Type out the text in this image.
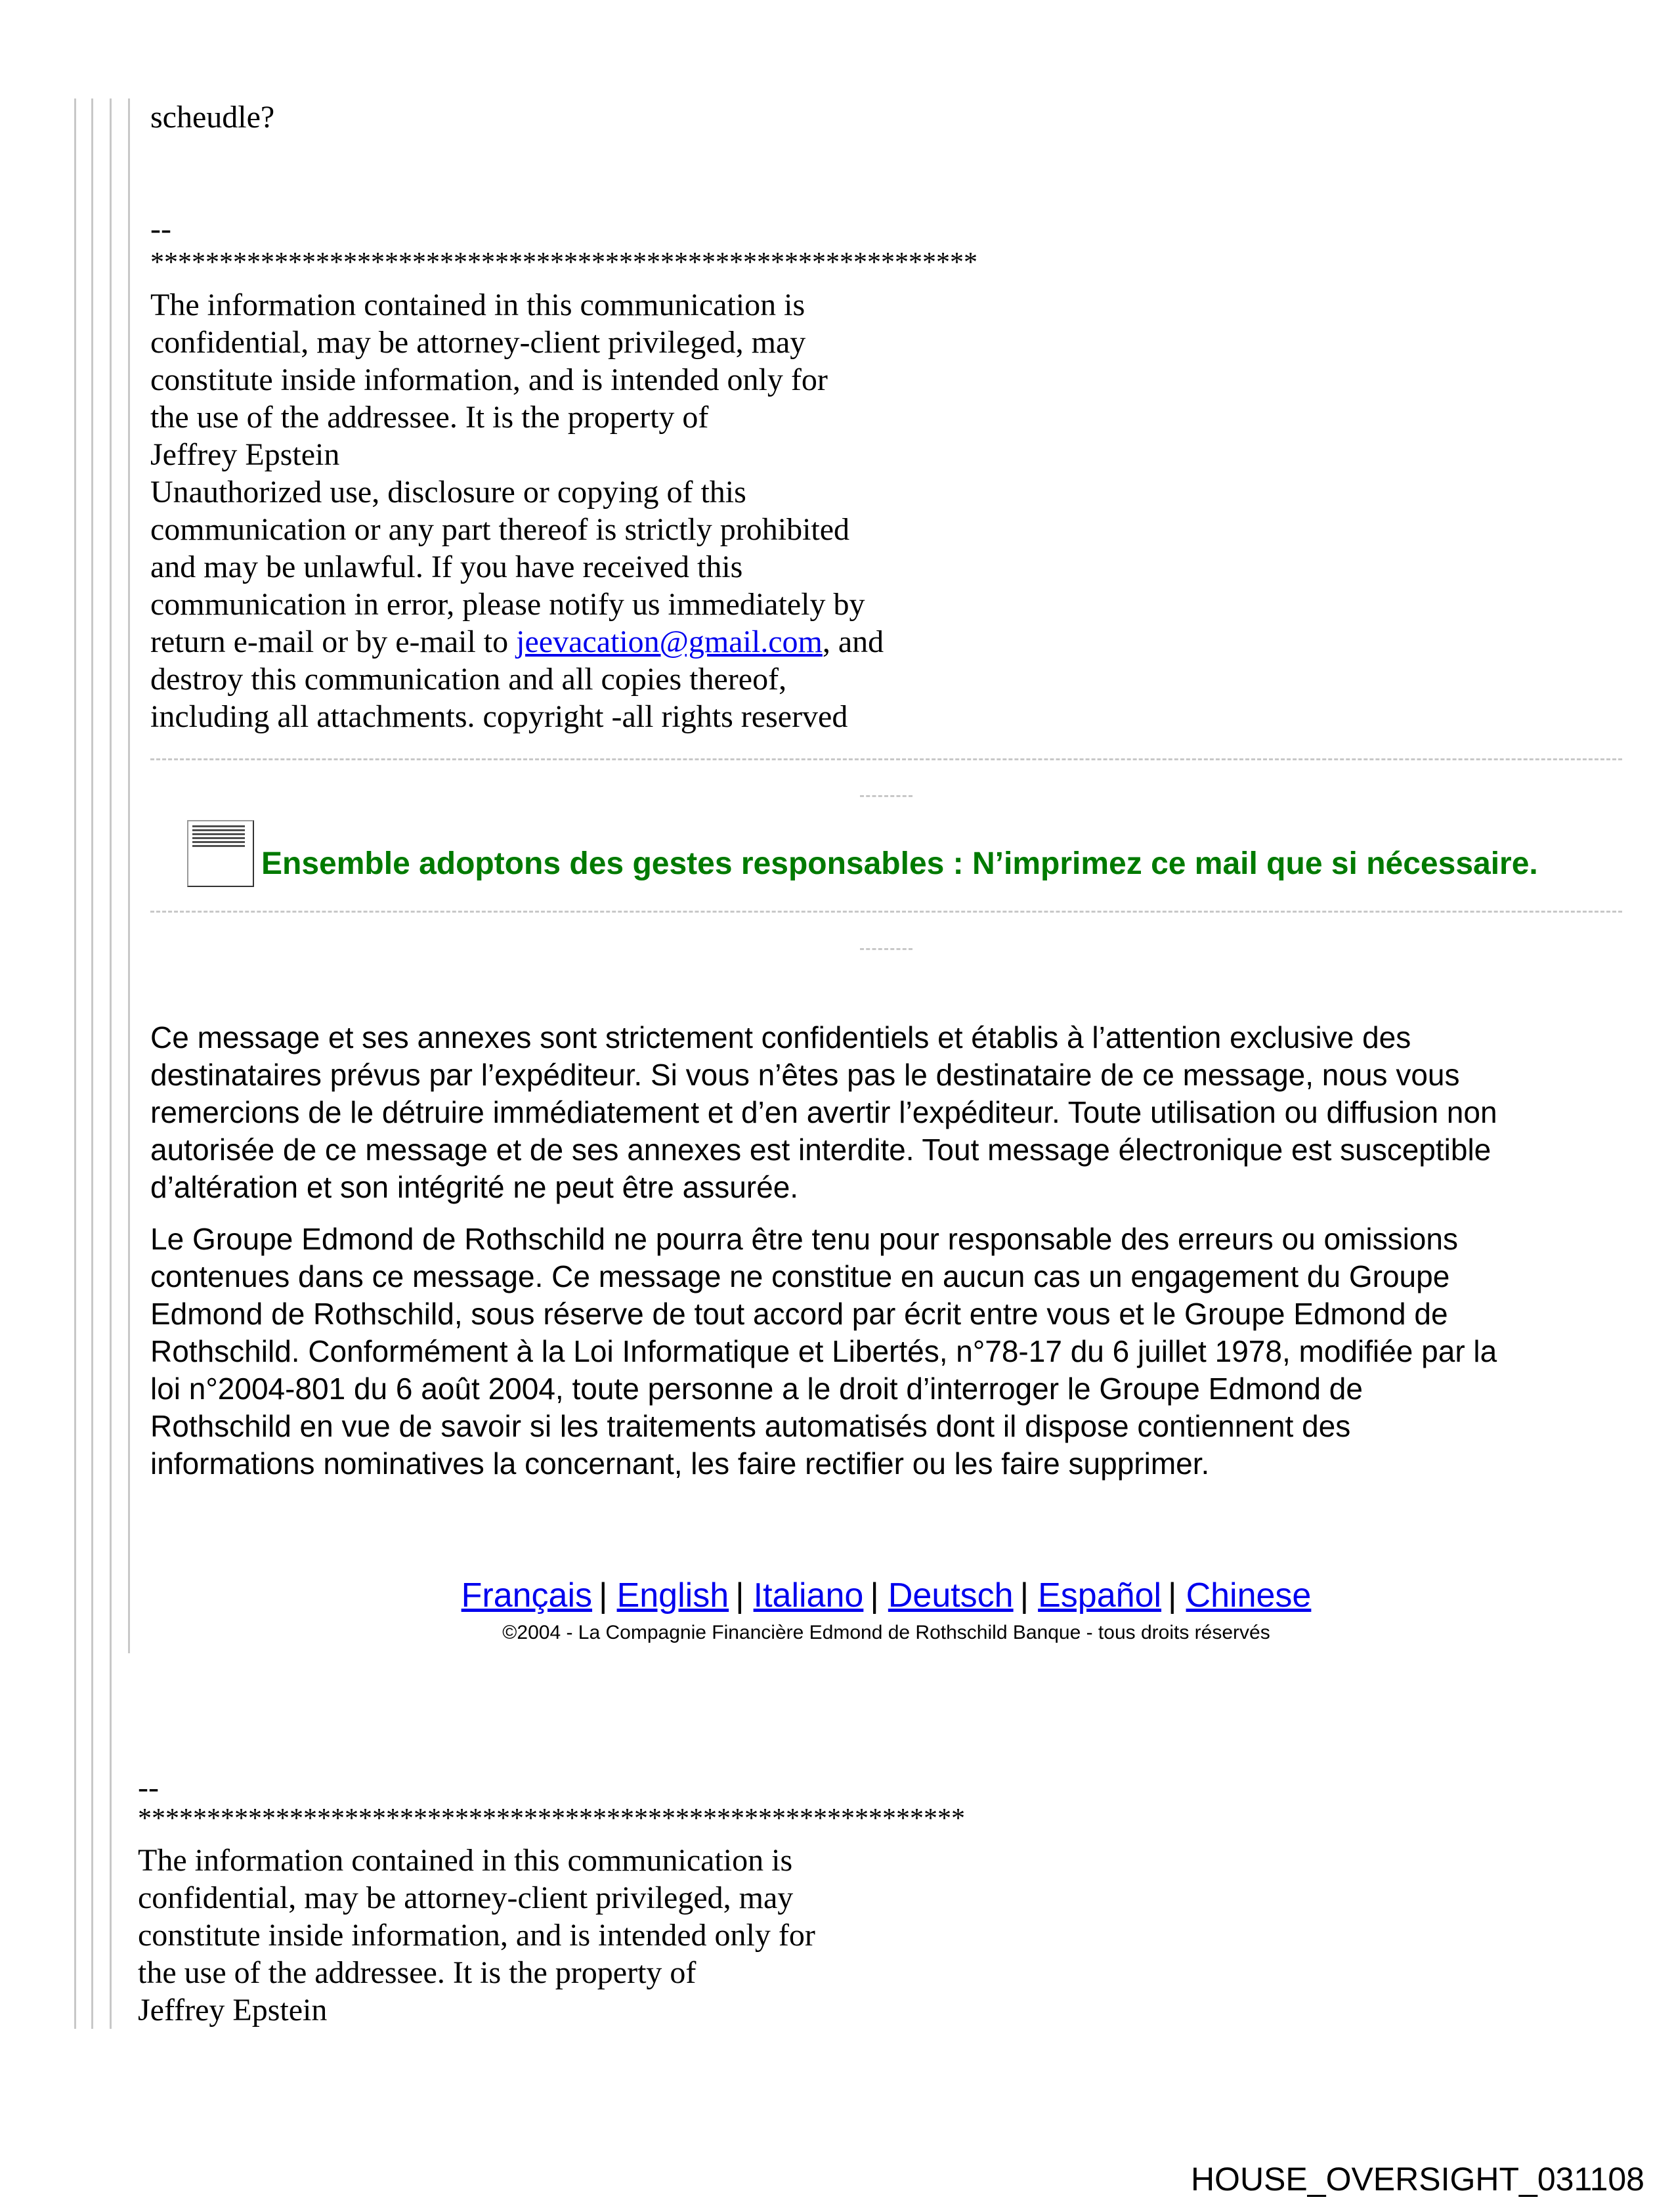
scheudle?
--
************************************************************
The information contained in this communication is
confidential, may be attorney-client privileged, may
constitute inside information, and is intended only for
the use of the addressee. It is the property of
Jeffrey Epstein
Unauthorized use, disclosure or copying of this
communication or any part thereof is strictly prohibited
and may be unlawful. If you have received this
communication in error, please notify us immediately by
return e-mail or by e-mail to jeevacation@gmail.com, and
destroy this communication and all copies thereof,
including all attachments. copyright -all rights reserved
Ensemble adoptons des gestes responsables : N’imprimez ce mail que si nécessaire.
Ce message et ses annexes sont strictement confidentiels et établis à l’attention exclusive des
destinataires prévus par l’expéditeur. Si vous n’êtes pas le destinataire de ce message, nous vous
remercions de le détruire immédiatement et d’en avertir l’expéditeur. Toute utilisation ou diffusion non
autorisée de ce message et de ses annexes est interdite. Tout message électronique est susceptible
d’altération et son intégrité ne peut être assurée.
Le Groupe Edmond de Rothschild ne pourra être tenu pour responsable des erreurs ou omissions
contenues dans ce message. Ce message ne constitue en aucun cas un engagement du Groupe
Edmond de Rothschild, sous réserve de tout accord par écrit entre vous et le Groupe Edmond de
Rothschild. Conformément à la Loi Informatique et Libertés, n°78-17 du 6 juillet 1978, modifiée par la
loi n°2004-801 du 6 août 2004, toute personne a le droit d’interroger le Groupe Edmond de
Rothschild en vue de savoir si les traitements automatisés dont il dispose contiennent des
informations nominatives la concernant, les faire rectifier ou les faire supprimer.
Français | English | Italiano | Deutsch | Español | Chinese
©2004 - La Compagnie Financière Edmond de Rothschild Banque - tous droits réservés
--
************************************************************
The information contained in this communication is
confidential, may be attorney-client privileged, may
constitute inside information, and is intended only for
the use of the addressee. It is the property of
Jeffrey Epstein
HOUSE_OVERSIGHT_031108
